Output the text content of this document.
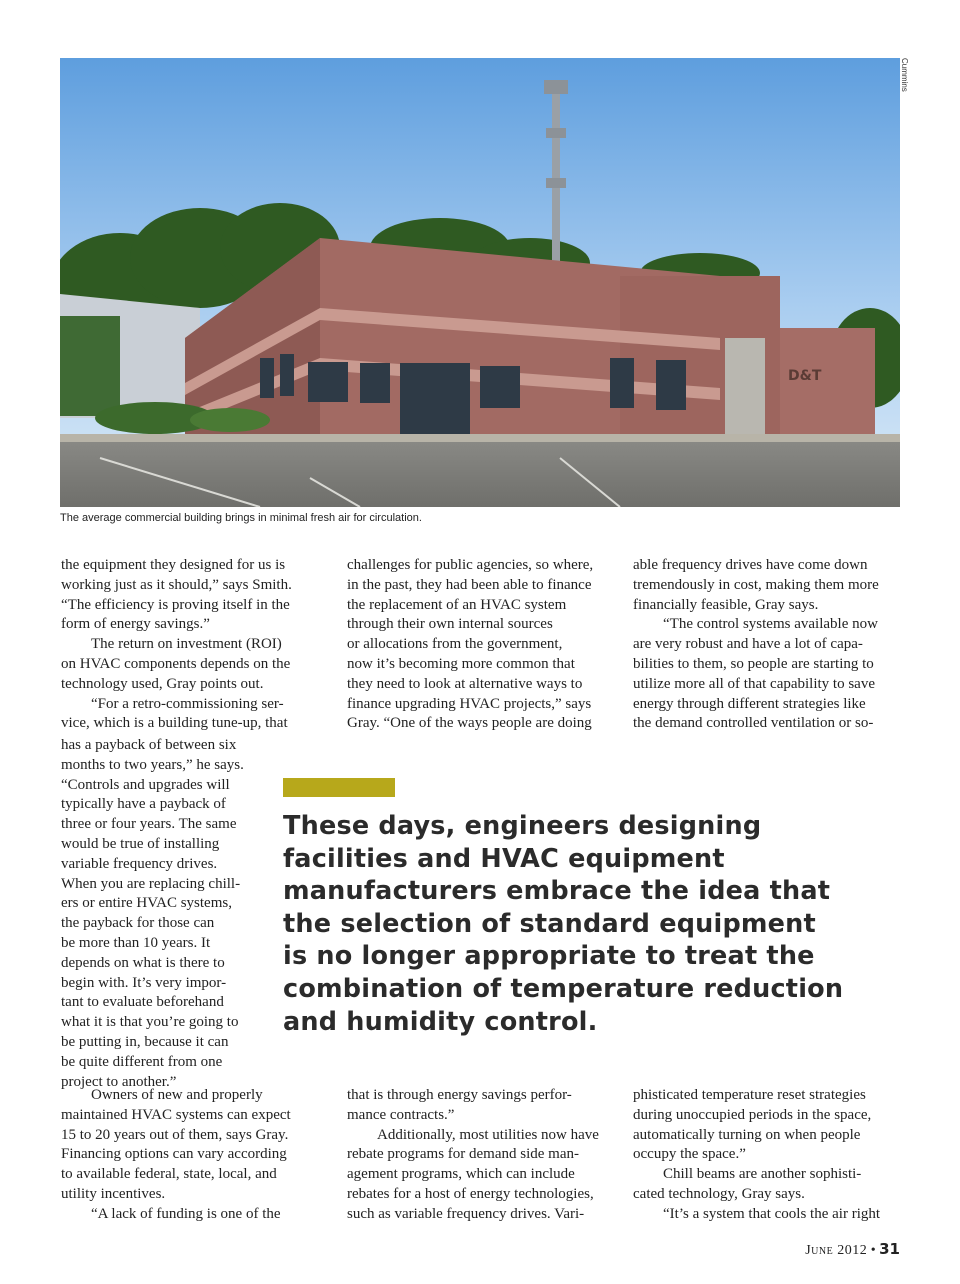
D&T
Cummins
The average commercial building brings in minimal fresh air for circulation.
the equipment they designed for us is
working just as it should,” says Smith.
“The efficiency is proving itself in the
form of energy savings.”
The return on investment (ROI)
on HVAC components depends on the
technology used, Gray points out.
“For a retro-commissioning ser-
vice, which is a building tune-up, that
has a payback of between six
months to two years,” he says.
“Controls and upgrades will
typically have a payback of
three or four years. The same
would be true of installing
variable frequency drives.
When you are replacing chill-
ers or entire HVAC systems,
the payback for those can
be more than 10 years. It
depends on what is there to
begin with. It’s very impor-
tant to evaluate beforehand
what it is that you’re going to
be putting in, because it can
be quite different from one
project to another.”
Owners of new and properly
maintained HVAC systems can expect
15 to 20 years out of them, says Gray.
Financing options can vary according
to available federal, state, local, and
utility incentives.
“A lack of funding is one of the
challenges for public agencies, so where,
in the past, they had been able to finance
the replacement of an HVAC system
through their own internal sources
or allocations from the government,
now it’s becoming more common that
they need to look at alternative ways to
finance upgrading HVAC projects,” says
Gray. “One of the ways people are doing
that is through energy savings perfor-
mance contracts.”
Additionally, most utilities now have
rebate programs for demand side man-
agement programs, which can include
rebates for a host of energy technologies,
such as variable frequency drives. Vari-
able frequency drives have come down
tremendously in cost, making them more
financially feasible, Gray says.
“The control systems available now
are very robust and have a lot of capa-
bilities to them, so people are starting to
utilize more all of that capability to save
energy through different strategies like
the demand controlled ventilation or so-
phisticated temperature reset strategies
during unoccupied periods in the space,
automatically turning on when people
occupy the space.”
Chill beams are another sophisti-
cated technology, Gray says.
“It’s a system that cools the air right
These days, engineers designing
facilities and HVAC equipment
manufacturers embrace the idea that
the selection of standard equipment
is no longer appropriate to treat the
combination of temperature reduction
and humidity control.
June 2012 • 31
